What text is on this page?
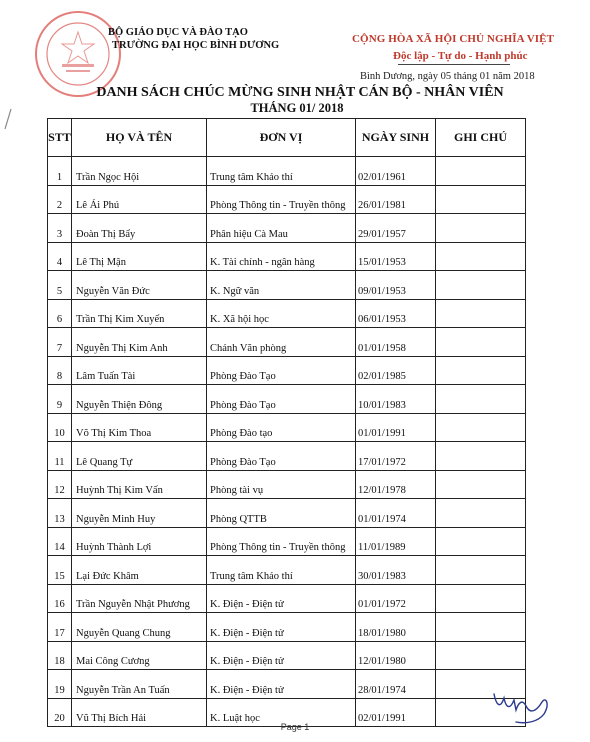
BỘ GIÁO DỤC VÀ ĐÀO TẠO
TRƯỜNG ĐẠI HỌC BÌNH DƯƠNG
CỘNG HÒA XÃ HỘI CHỦ NGHĨA VIỆT
Độc lập - Tự do - Hạnh phúc
Bình Dương, ngày 05 tháng 01 năm 2018
DANH SÁCH CHÚC MỪNG SINH NHẬT CÁN BỘ - NHÂN VIÊN
THÁNG 01/ 2018
STT	HỌ VÀ TÊN	ĐƠN VỊ	NGÀY SINH	GHI CHÚ
1	Trần Ngọc Hội	Trung tâm Khảo thí	02/01/1961	
2	Lê Ái Phú	Phòng Thông tin - Truyền thông	26/01/1981	
3	Đoàn Thị Bẩy	Phân hiệu Cà Mau	29/01/1957	
4	Lê Thị Mận	K. Tài chính - ngân hàng	15/01/1953	
5	Nguyễn Văn Đức	K. Ngữ văn	09/01/1953	
6	Trần Thị Kim Xuyến	K. Xã hội học	06/01/1953	
7	Nguyễn Thị Kim Anh	Chánh Văn phòng	01/01/1958	
8	Lâm Tuấn Tài	Phòng Đào Tạo	02/01/1985	
9	Nguyễn Thiện Đông	Phòng Đào Tạo	10/01/1983	
10	Võ Thị Kim Thoa	Phòng Đào tạo	01/01/1991	
11	Lê Quang Tự	Phòng Đào Tạo	17/01/1972	
12	Huỳnh Thị Kim Vấn	Phòng tài vụ	12/01/1978	
13	Nguyễn Minh Huy	Phòng QTTB	01/01/1974	
14	Huỳnh Thành Lợi	Phòng Thông tin - Truyền thông	11/01/1989	
15	Lại Đức Khâm	Trung tâm Khảo thí	30/01/1983	
16	Trần Nguyễn Nhật Phương	K. Điện - Điện tử	01/01/1972	
17	Nguyễn Quang Chung	K. Điện - Điện tử	18/01/1980	
18	Mai Công Cương	K. Điện - Điện tử	12/01/1980	
19	Nguyễn Trần An Tuấn	K. Điện - Điện tử	28/01/1974	
20	Vũ Thị Bích Hải	K. Luật học	02/01/1991	
Page 1
